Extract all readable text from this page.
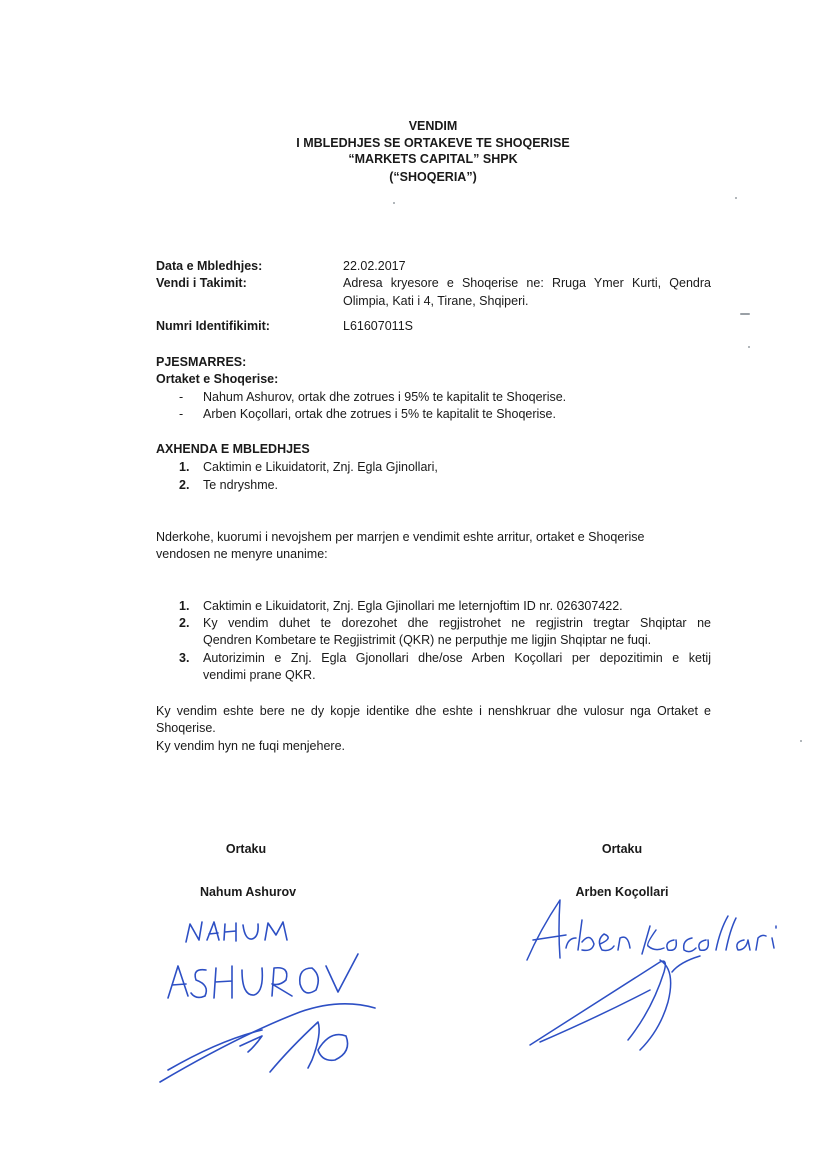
VENDIM
I MBLEDHJES SE ORTAKEVE TE SHOQERISE
“MARKETS CAPITAL” SHPK
(“SHOQERIA”)
Data e Mbledhjes:	22.02.2017
Vendi i Takimit:	Adresa kryesore e Shoqerise ne: Rruga Ymer Kurti, Qendra
Olimpia, Kati i 4, Tirane, Shqiperi.
Numri Identifikimit:	L61607011S
PJESMARRES:
Ortaket e Shoqerise:
- Nahum Ashurov, ortak dhe zotrues i 95% te kapitalit te Shoqerise.
- Arben Koçollari, ortak dhe zotrues i 5% te kapitalit te Shoqerise.
AXHENDA E MBLEDHJES
1.	Caktimin e Likuidatorit, Znj. Egla Gjinollari,
2.	Te ndryshme.
Nderkohe, kuorumi i nevojshem per marrjen e vendimit eshte arritur, ortaket e Shoqerise
vendosen ne menyre unanime:
1.	Caktimin e Likuidatorit, Znj. Egla Gjinollari me leternjoftim ID nr. 026307422.
2.	Ky vendim duhet te dorezohet dhe regjistrohet ne regjistrin tregtar Shqiptar ne
Qendren Kombetare te Regjistrimit (QKR) ne perputhje me ligjin Shqiptar ne fuqi.
3.	Autorizimin e Znj. Egla Gjonollari dhe/ose Arben Koçollari per depozitimin e ketij
vendimi prane QKR.
Ky vendim eshte bere ne dy kopje identike dhe eshte i nenshkruar dhe vulosur nga Ortaket e
Shoqerise.
Ky vendim hyn ne fuqi menjehere.
Ortaku
Nahum Ashurov
Ortaku
Arben Koçollari
